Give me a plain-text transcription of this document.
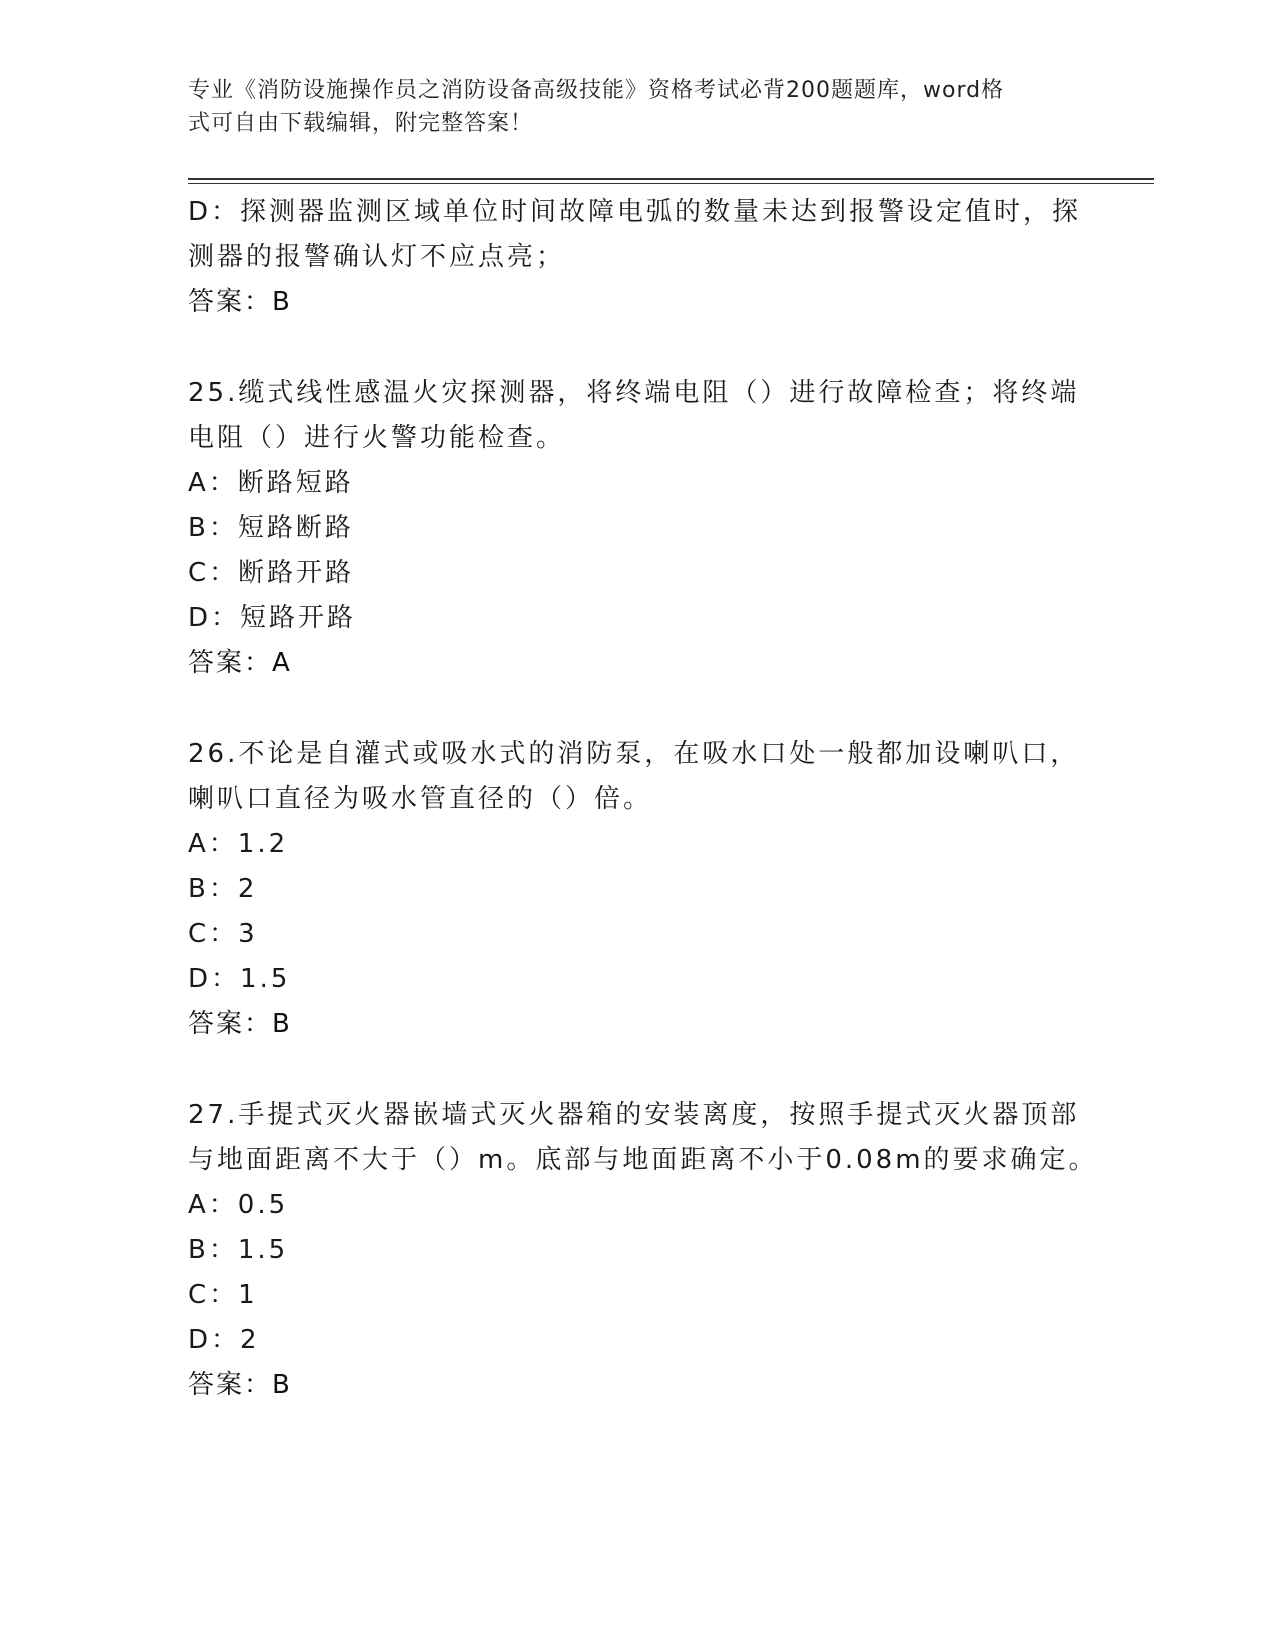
专业《消防设施操作员之消防设备高级技能》资格考试必背200题题库，word格
式可自由下载编辑，附完整答案！
D：探测器监测区域单位时间故障电弧的数量未达到报警设定值时，探
测器的报警确认灯不应点亮；
答案：B
25.缆式线性感温火灾探测器，将终端电阻（）进行故障检查；将终端
电阻（）进行火警功能检查。
A：断路短路
B：短路断路
C：断路开路
D：短路开路
答案：A
26.不论是自灌式或吸水式的消防泵，在吸水口处一般都加设喇叭口，
喇叭口直径为吸水管直径的（）倍。
A：1.2
B：2
C：3
D：1.5
答案：B
27.手提式灭火器嵌墙式灭火器箱的安装离度，按照手提式灭火器顶部
与地面距离不大于（）m。底部与地面距离不小于0.08m的要求确定。
A：0.5
B：1.5
C：1
D：2
答案：B
